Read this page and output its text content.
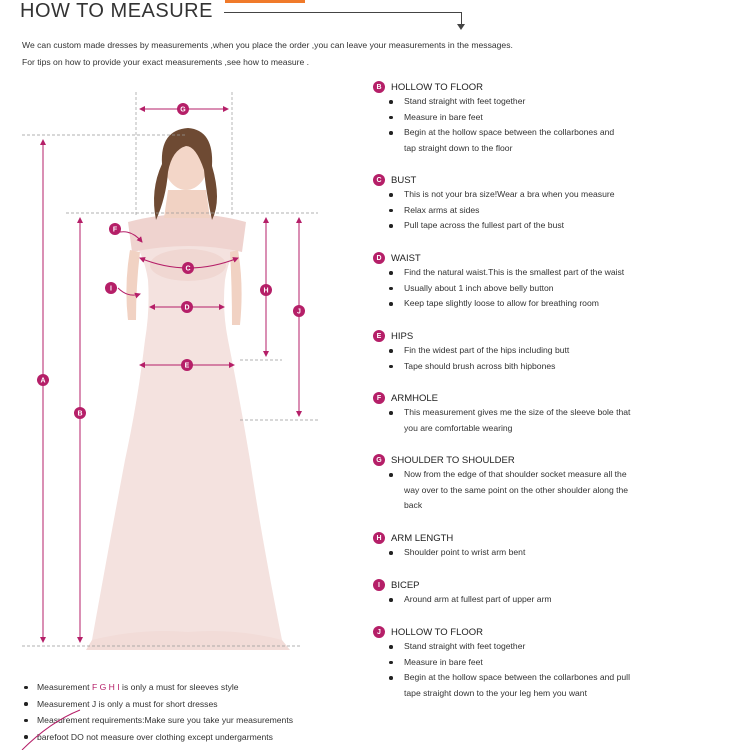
HOW TO MEASURE
We can custom made dresses by measurements ,when you place the order ,you can leave your measurements in the messages.
For tips on how to provide your exact measurements ,see how to measure .
A
B
C
D
E
F
G
H
I
J
B HOLLOW TO FLOOR
Stand straight with feet together
Measure in bare feet
Begin at the hollow space between the collarbones and
tap straight down to the floor
C BUST
This is not your bra size!Wear a bra when you measure
Relax arms at sides
Pull tape across the fullest part of the bust
D WAIST
Find the natural waist.This is the smallest part of the waist
Usually about 1 inch above belly button
Keep tape slightly loose to allow for breathing room
E	HIPS
Fin the widest part of the hips including butt
Tape should brush across bith hipbones
F	ARMHOLE
This measurement gives me the size of the sleeve bole that
you are comfortable wearing
G SHOULDER TO SHOULDER
Now from the edge of that shoulder socket measure all the
way over to the same point on the other shoulder along the
back
H ARM LENGTH
Shoulder point to wrist arm bent
I	BICEP
Around arm at fullest part of upper arm
J	HOLLOW TO FLOOR
Stand straight with feet together
Measure in bare feet
Begin at the hollow space between the collarbones and pull
tape straight down to the your leg hem you want
Measurement F G H I is only a must for sleeves style
Measurement J is only a must for short dresses
Measurement requirements:Make sure you take yur measurements
barefoot DO not measure over clothing except undergarments
